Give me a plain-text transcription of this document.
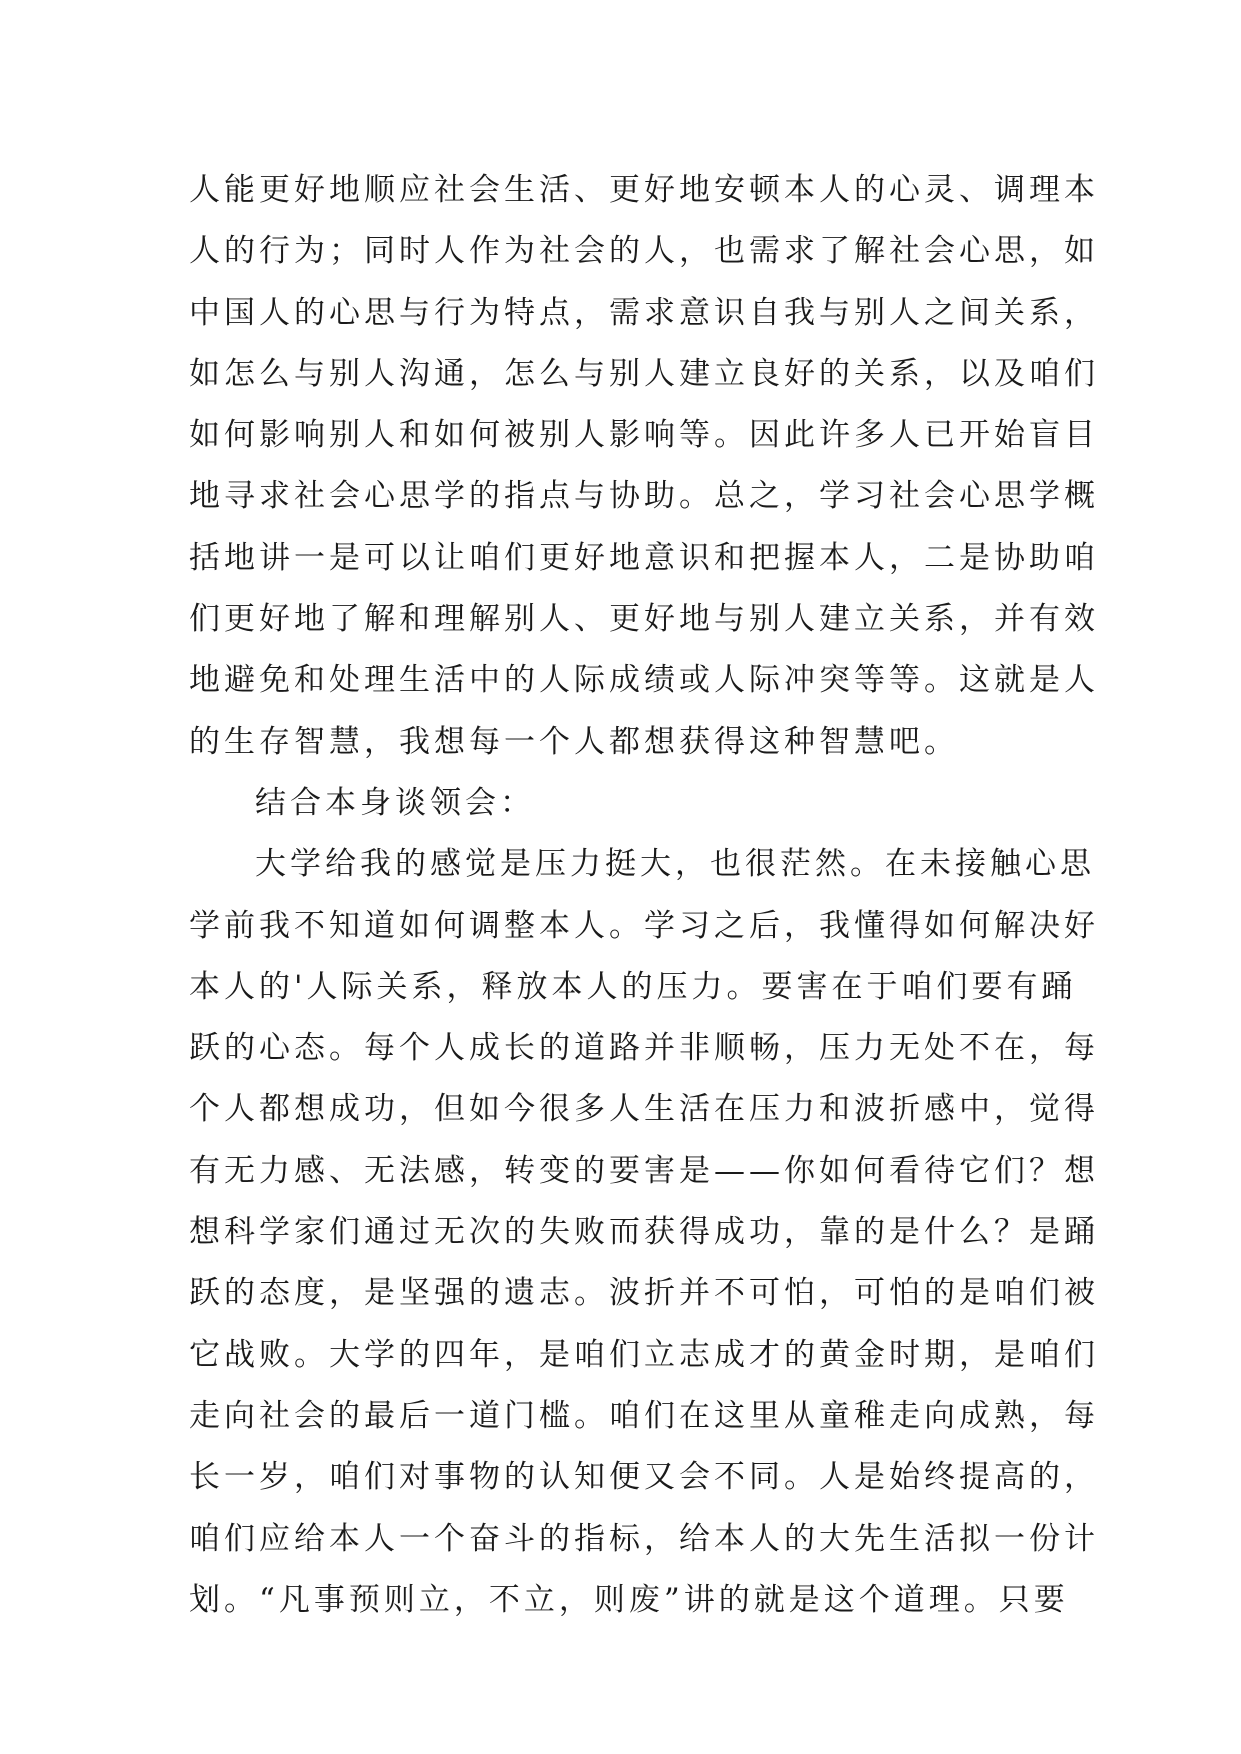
人能更好地顺应社会生活、更好地安顿本人的心灵、调理本
人的行为；同时人作为社会的人，也需求了解社会心思，如
中国人的心思与行为特点，需求意识自我与别人之间关系，
如怎么与别人沟通，怎么与别人建立良好的关系，以及咱们
如何影响别人和如何被别人影响等。因此许多人已开始盲目
地寻求社会心思学的指点与协助。总之，学习社会心思学概
括地讲一是可以让咱们更好地意识和把握本人，二是协助咱
们更好地了解和理解别人、更好地与别人建立关系，并有效
地避免和处理生活中的人际成绩或人际冲突等等。这就是人
的生存智慧，我想每一个人都想获得这种智慧吧。
结合本身谈领会：
大学给我的感觉是压力挺大，也很茫然。在未接触心思
学前我不知道如何调整本人。学习之后，我懂得如何解决好
本人的'人际关系，释放本人的压力。要害在于咱们要有踊
跃的心态。每个人成长的道路并非顺畅，压力无处不在，每
个人都想成功，但如今很多人生活在压力和波折感中，觉得
有无力感、无法感，转变的要害是——你如何看待它们？想
想科学家们通过无次的失败而获得成功，靠的是什么？是踊
跃的态度，是坚强的遗志。波折并不可怕，可怕的是咱们被
它战败。大学的四年，是咱们立志成才的黄金时期，是咱们
走向社会的最后一道门槛。咱们在这里从童稚走向成熟，每
长一岁，咱们对事物的认知便又会不同。人是始终提高的，
咱们应给本人一个奋斗的指标，给本人的大先生活拟一份计
划。“凡事预则立，不立，则废”讲的就是这个道理。只要
